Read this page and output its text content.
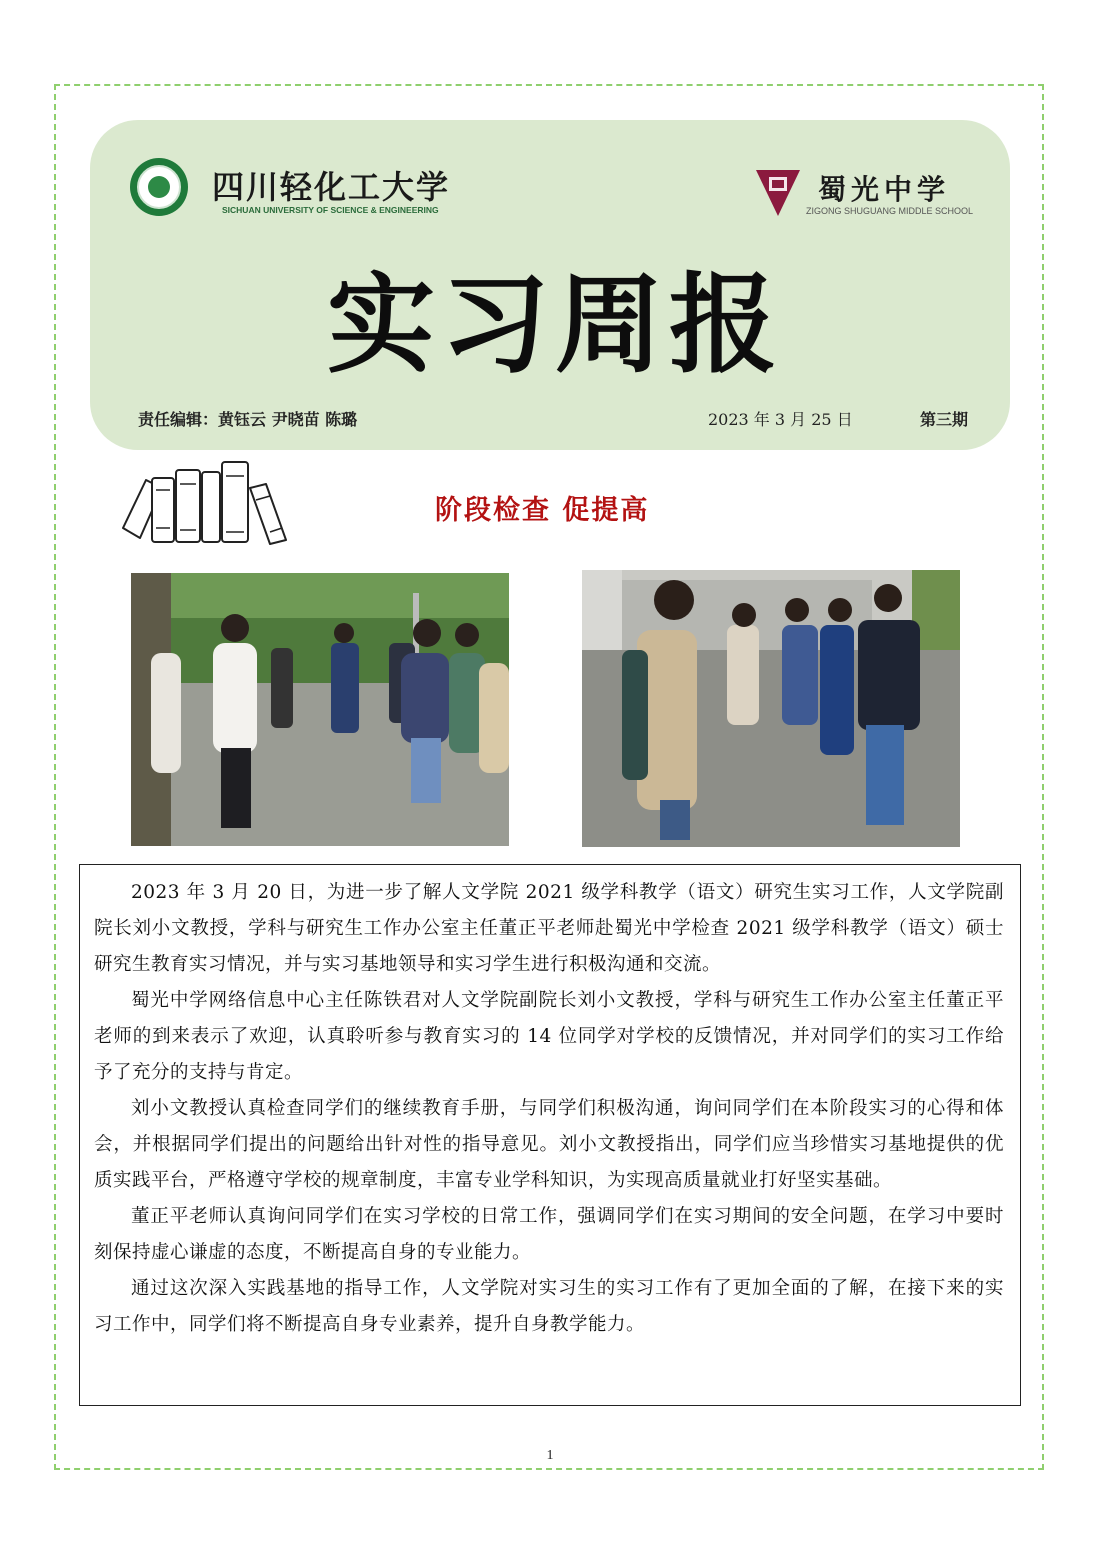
四川轻化工大学
SICHUAN UNIVERSITY OF SCIENCE & ENGINEERING
蜀光中学
ZIGONG SHUGUANG MIDDLE SCHOOL
实习周报
责任编辑：黄钰云 尹晓苗 陈璐	2023 年 3 月 25 日	第三期
阶段检查 促提高

2023 年 3 月 20 日，为进一步了解人文学院 2021 级学科教学（语文）研究生实习工作，人文学院副院长刘小文教授，学科与研究生工作办公室主任董正平老师赴蜀光中学检查 2021 级学科教学（语文）硕士研究生教育实习情况，并与实习基地领导和实习学生进行积极沟通和交流。

蜀光中学网络信息中心主任陈铁君对人文学院副院长刘小文教授，学科与研究生工作办公室主任董正平老师的到来表示了欢迎，认真聆听参与教育实习的 14 位同学对学校的反馈情况，并对同学们的实习工作给予了充分的支持与肯定。

刘小文教授认真检查同学们的继续教育手册，与同学们积极沟通，询问同学们在本阶段实习的心得和体会，并根据同学们提出的问题给出针对性的指导意见。刘小文教授指出，同学们应当珍惜实习基地提供的优质实践平台，严格遵守学校的规章制度，丰富专业学科知识，为实现高质量就业打好坚实基础。

董正平老师认真询问同学们在实习学校的日常工作，强调同学们在实习期间的安全问题，在学习中要时刻保持虚心谦虚的态度，不断提高自身的专业能力。

通过这次深入实践基地的指导工作，人文学院对实习生的实习工作有了更加全面的了解，在接下来的实习工作中，同学们将不断提高自身专业素养，提升自身教学能力。

1
